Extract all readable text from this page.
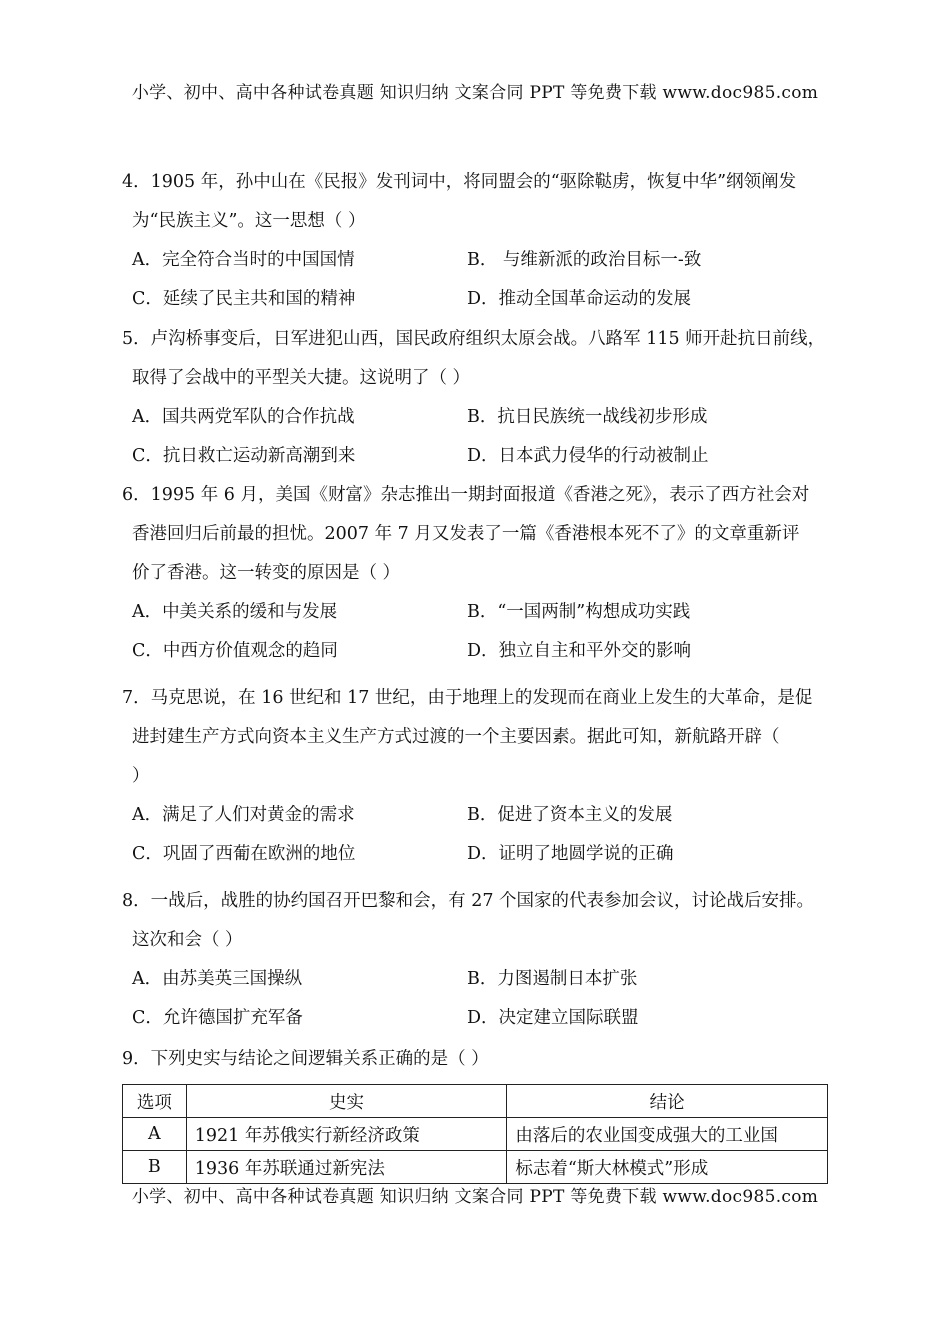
小学、初中、高中各种试卷真题 知识归纳 文案合同 PPT 等免费下载 www.doc985.com
4．1905 年，孙中山在《民报》发刊词中，将同盟会的“驱除鞑虏，恢复中华”纲领阐发
为“民族主义”。这一思想（ ）
A．完全符合当时的中国国情	B． 与维新派的政治目标一-致
C．延续了民主共和国的精神	D．推动全国革命运动的发展
5．卢沟桥事变后，日军进犯山西，国民政府组织太原会战。八路军 115 师开赴抗日前线，
取得了会战中的平型关大捷。这说明了（ ）
A．国共两党军队的合作抗战	B．抗日民族统一战线初步形成
C．抗日救亡运动新高潮到来	D．日本武力侵华的行动被制止
6．1995 年 6 月，美国《财富》杂志推出一期封面报道《香港之死》，表示了西方社会对
香港回归后前最的担忧。2007 年 7 月又发表了一篇《香港根本死不了》的文章重新评
价了香港。这一转变的原因是（ ）
A．中美关系的缓和与发展	B．“一国两制”构想成功实践
C．中西方价值观念的趋同	D．独立自主和平外交的影响
7．马克思说，在 16 世纪和 17 世纪，由于地理上的发现而在商业上发生的大革命，是促
进封建生产方式向资本主义生产方式过渡的一个主要因素。据此可知，新航路开辟（
）
A．满足了人们对黄金的需求	B．促进了资本主义的发展
C．巩固了西葡在欧洲的地位	D．证明了地圆学说的正确
8．一战后，战胜的协约国召开巴黎和会，有 27 个国家的代表参加会议，讨论战后安排。
这次和会（ ）
A．由苏美英三国操纵	B．力图遏制日本扩张
C．允许德国扩充军备	D．决定建立国际联盟
9．下列史实与结论之间逻辑关系正确的是（ ）
选项	史实	结论
A	1921 年苏俄实行新经济政策	由落后的农业国变成强大的工业国
B	1936 年苏联通过新宪法	标志着“斯大林模式”形成
小学、初中、高中各种试卷真题 知识归纳 文案合同 PPT 等免费下载 www.doc985.com
